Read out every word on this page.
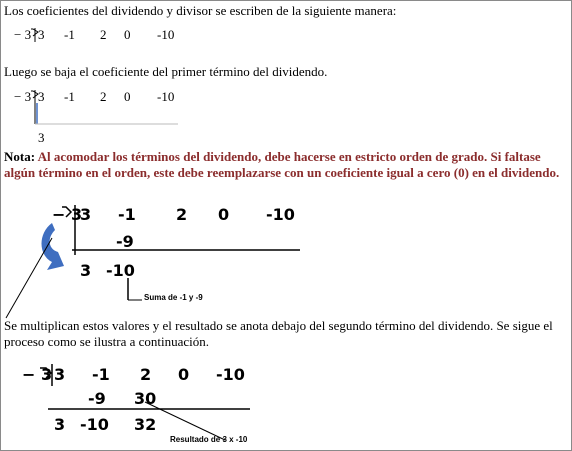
Los coeficientes del dividendo y divisor se escriben de la siguiente manera:
− 3 3 -1 2 0 -10
Luego se baja el coeficiente del primer término del dividendo.
− 3 3 -1 2 0 -10
3
Nota: Al acomodar los términos del dividendo, debe hacerse en estricto orden de grado. Si faltase algún término en el orden, este debe reemplazarse con un coeficiente igual a cero (0) en el dividendo.
− 3
3 -1	2 0 -10
-9
3 -10
Suma de -1 y -9
Se multiplican estos valores y el resultado se anota debajo del segundo término del dividendo. Se sigue el proceso como se ilustra a continuación.
− 3 3 -1 2 0 -10
-9 30
3 -10 32
Resultado de 3 x -10
